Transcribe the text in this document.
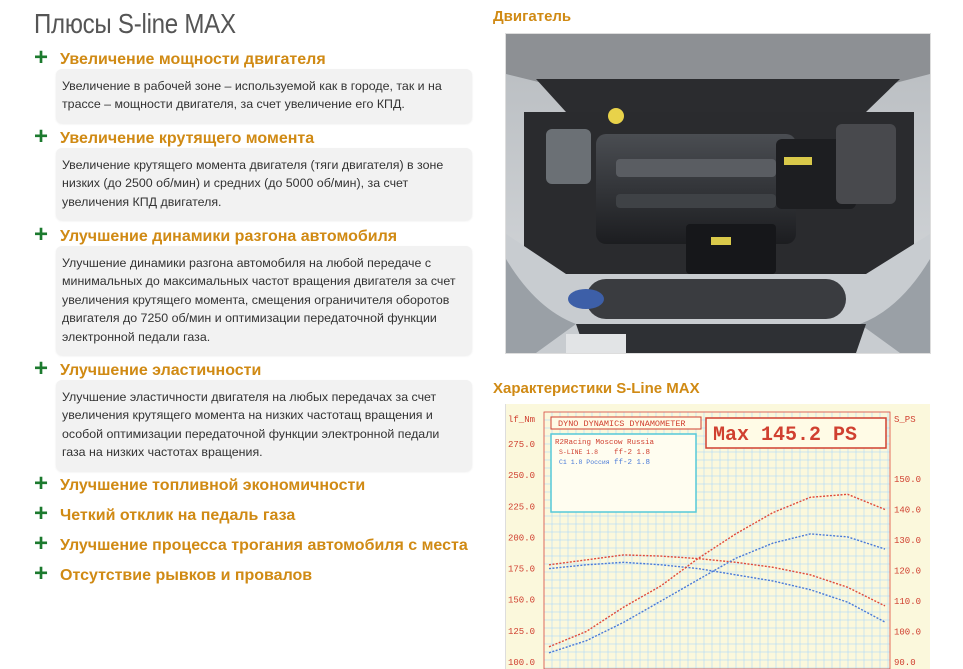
Плюсы S-line MAX
+ Увеличение мощности двигателя
Увеличение в рабочей зоне – используемой как в городе, так и на трассе – мощности двигателя, за счет увеличение его КПД.
+ Увеличение крутящего момента
Увеличение крутящего момента двигателя (тяги двигателя) в зоне низких (до 2500 об/мин) и средних (до 5000 об/мин), за счет увеличения КПД двигателя.
+ Улучшение динамики разгона автомобиля
Улучшение динамики разгона автомобиля на любой передаче с минимальных до максимальных частот вращения двигателя за счет увеличения крутящего момента, смещения ограничителя оборотов двигателя до 7250 об/мин и оптимизации передаточной функции электронной педали газа.
+ Улучшение эластичности
Улучшение эластичности двигателя на любых передачах за счет увеличения крутящего момента на низких частотащ вращения и особой оптимизации передаточной функции электронной педали газа на низких частотах вращения.
+ Улучшение топливной экономичности
+ Четкий отклик на педаль газа
+ Улучшение процесса трогания автомобиля с места
+ Отсутствие рывков и провалов
Двигатель
Характеристики S-Line MAX
lf_Nm	S_PS
275.0
250.0
225.0
200.0
175.0
150.0
125.0
100.0
150.0
140.0
130.0
120.0
110.0
100.0
90.0
DYNO DYNAMICS DYNAMOMETER Max 145.2 PS
R2Racing Moscow Russia
S-LINE 1.8 ff-2 1.8
C1 1.8 Россия ff-2 1.8
